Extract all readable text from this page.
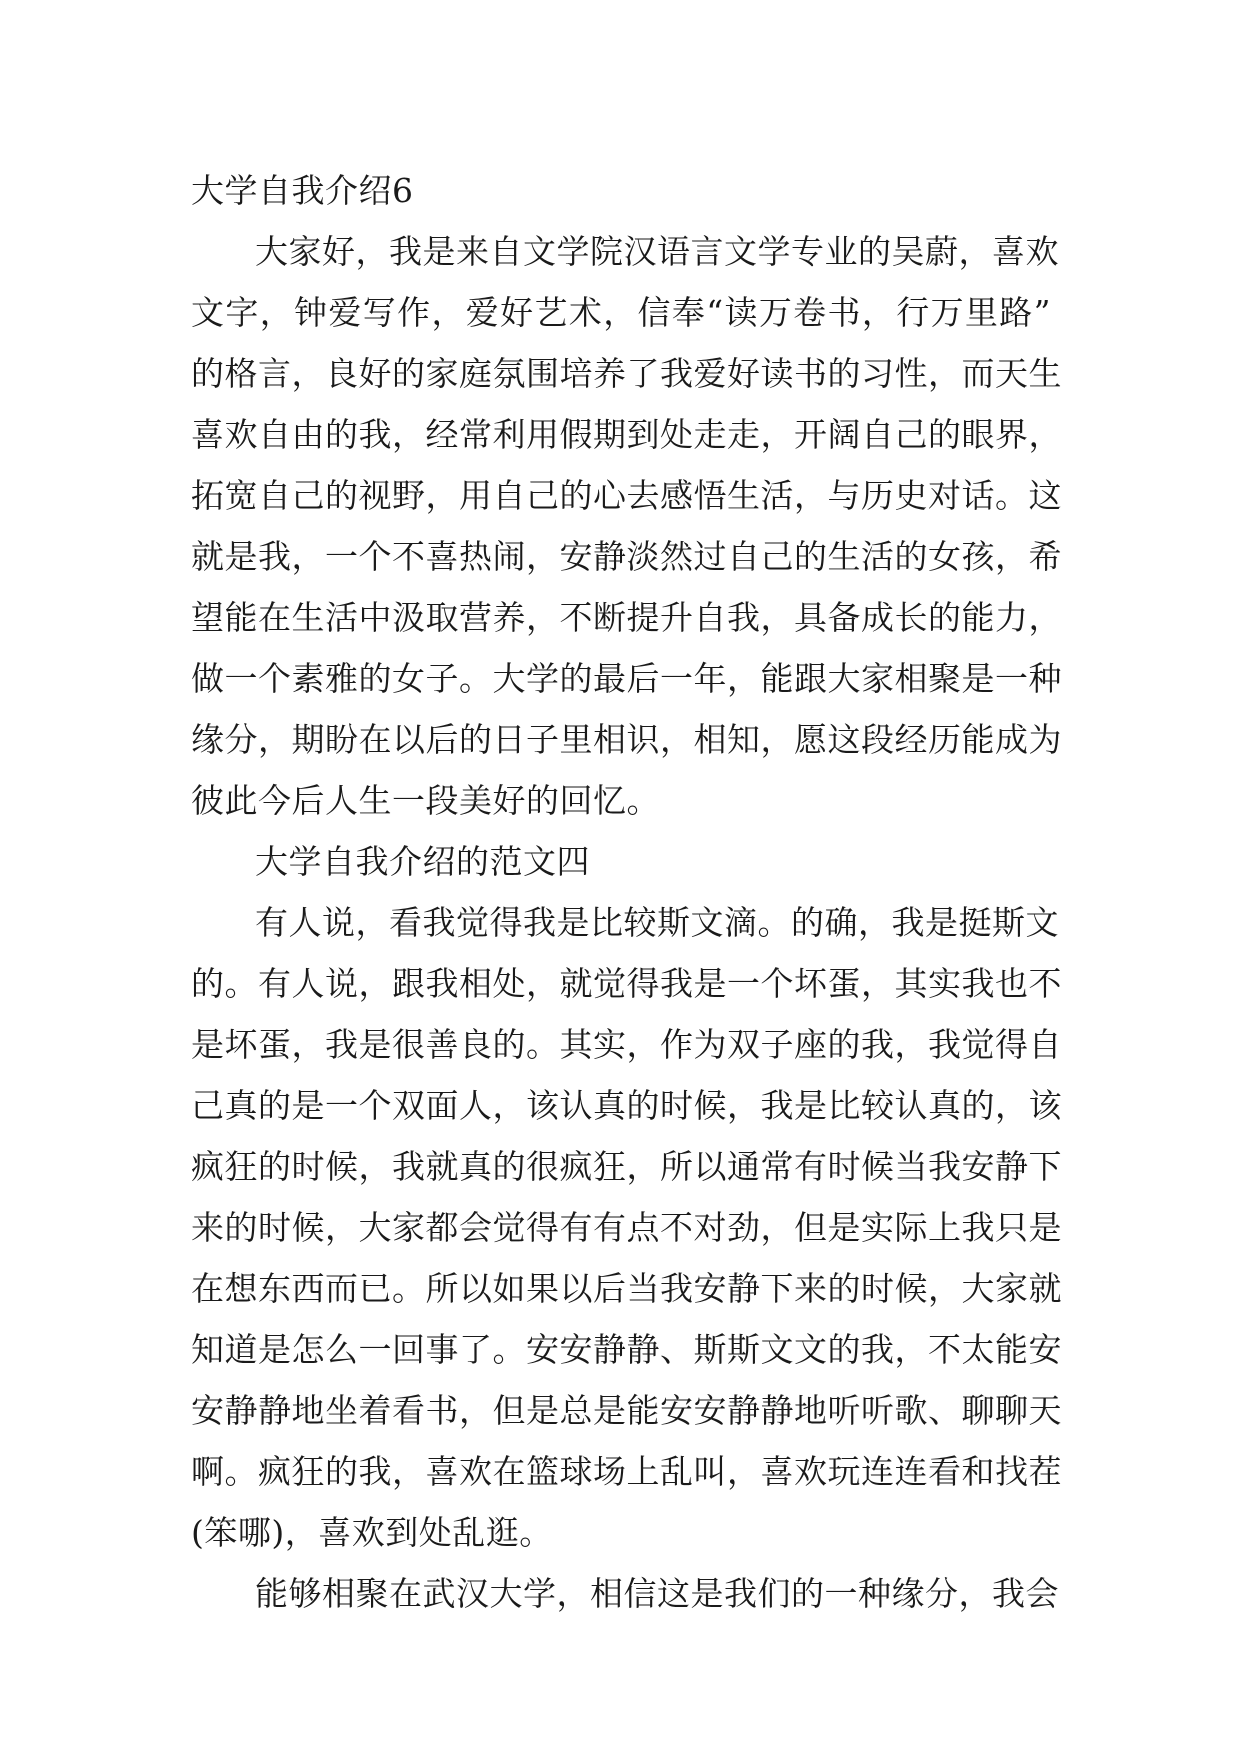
大学自我介绍6
大家好，我是来自文学院汉语言文学专业的吴蔚，喜欢
文字，钟爱写作，爱好艺术，信奉“读万卷书，行万里路”
的格言，良好的家庭氛围培养了我爱好读书的习性，而天生
喜欢自由的我，经常利用假期到处走走，开阔自己的眼界，
拓宽自己的视野，用自己的心去感悟生活，与历史对话。这
就是我，一个不喜热闹，安静淡然过自己的生活的女孩，希
望能在生活中汲取营养，不断提升自我，具备成长的能力，
做一个素雅的女子。大学的最后一年，能跟大家相聚是一种
缘分，期盼在以后的日子里相识，相知，愿这段经历能成为
彼此今后人生一段美好的回忆。
大学自我介绍的范文四
有人说，看我觉得我是比较斯文滴。的确，我是挺斯文
的。有人说，跟我相处，就觉得我是一个坏蛋，其实我也不
是坏蛋，我是很善良的。其实，作为双子座的我，我觉得自
己真的是一个双面人，该认真的时候，我是比较认真的，该
疯狂的时候，我就真的很疯狂，所以通常有时候当我安静下
来的时候，大家都会觉得有有点不对劲，但是实际上我只是
在想东西而已。所以如果以后当我安静下来的时候，大家就
知道是怎么一回事了。安安静静、斯斯文文的我，不太能安
安静静地坐着看书，但是总是能安安静静地听听歌、聊聊天
啊。疯狂的我，喜欢在篮球场上乱叫，喜欢玩连连看和找茬
(笨哪)，喜欢到处乱逛。
能够相聚在武汉大学，相信这是我们的一种缘分，我会
